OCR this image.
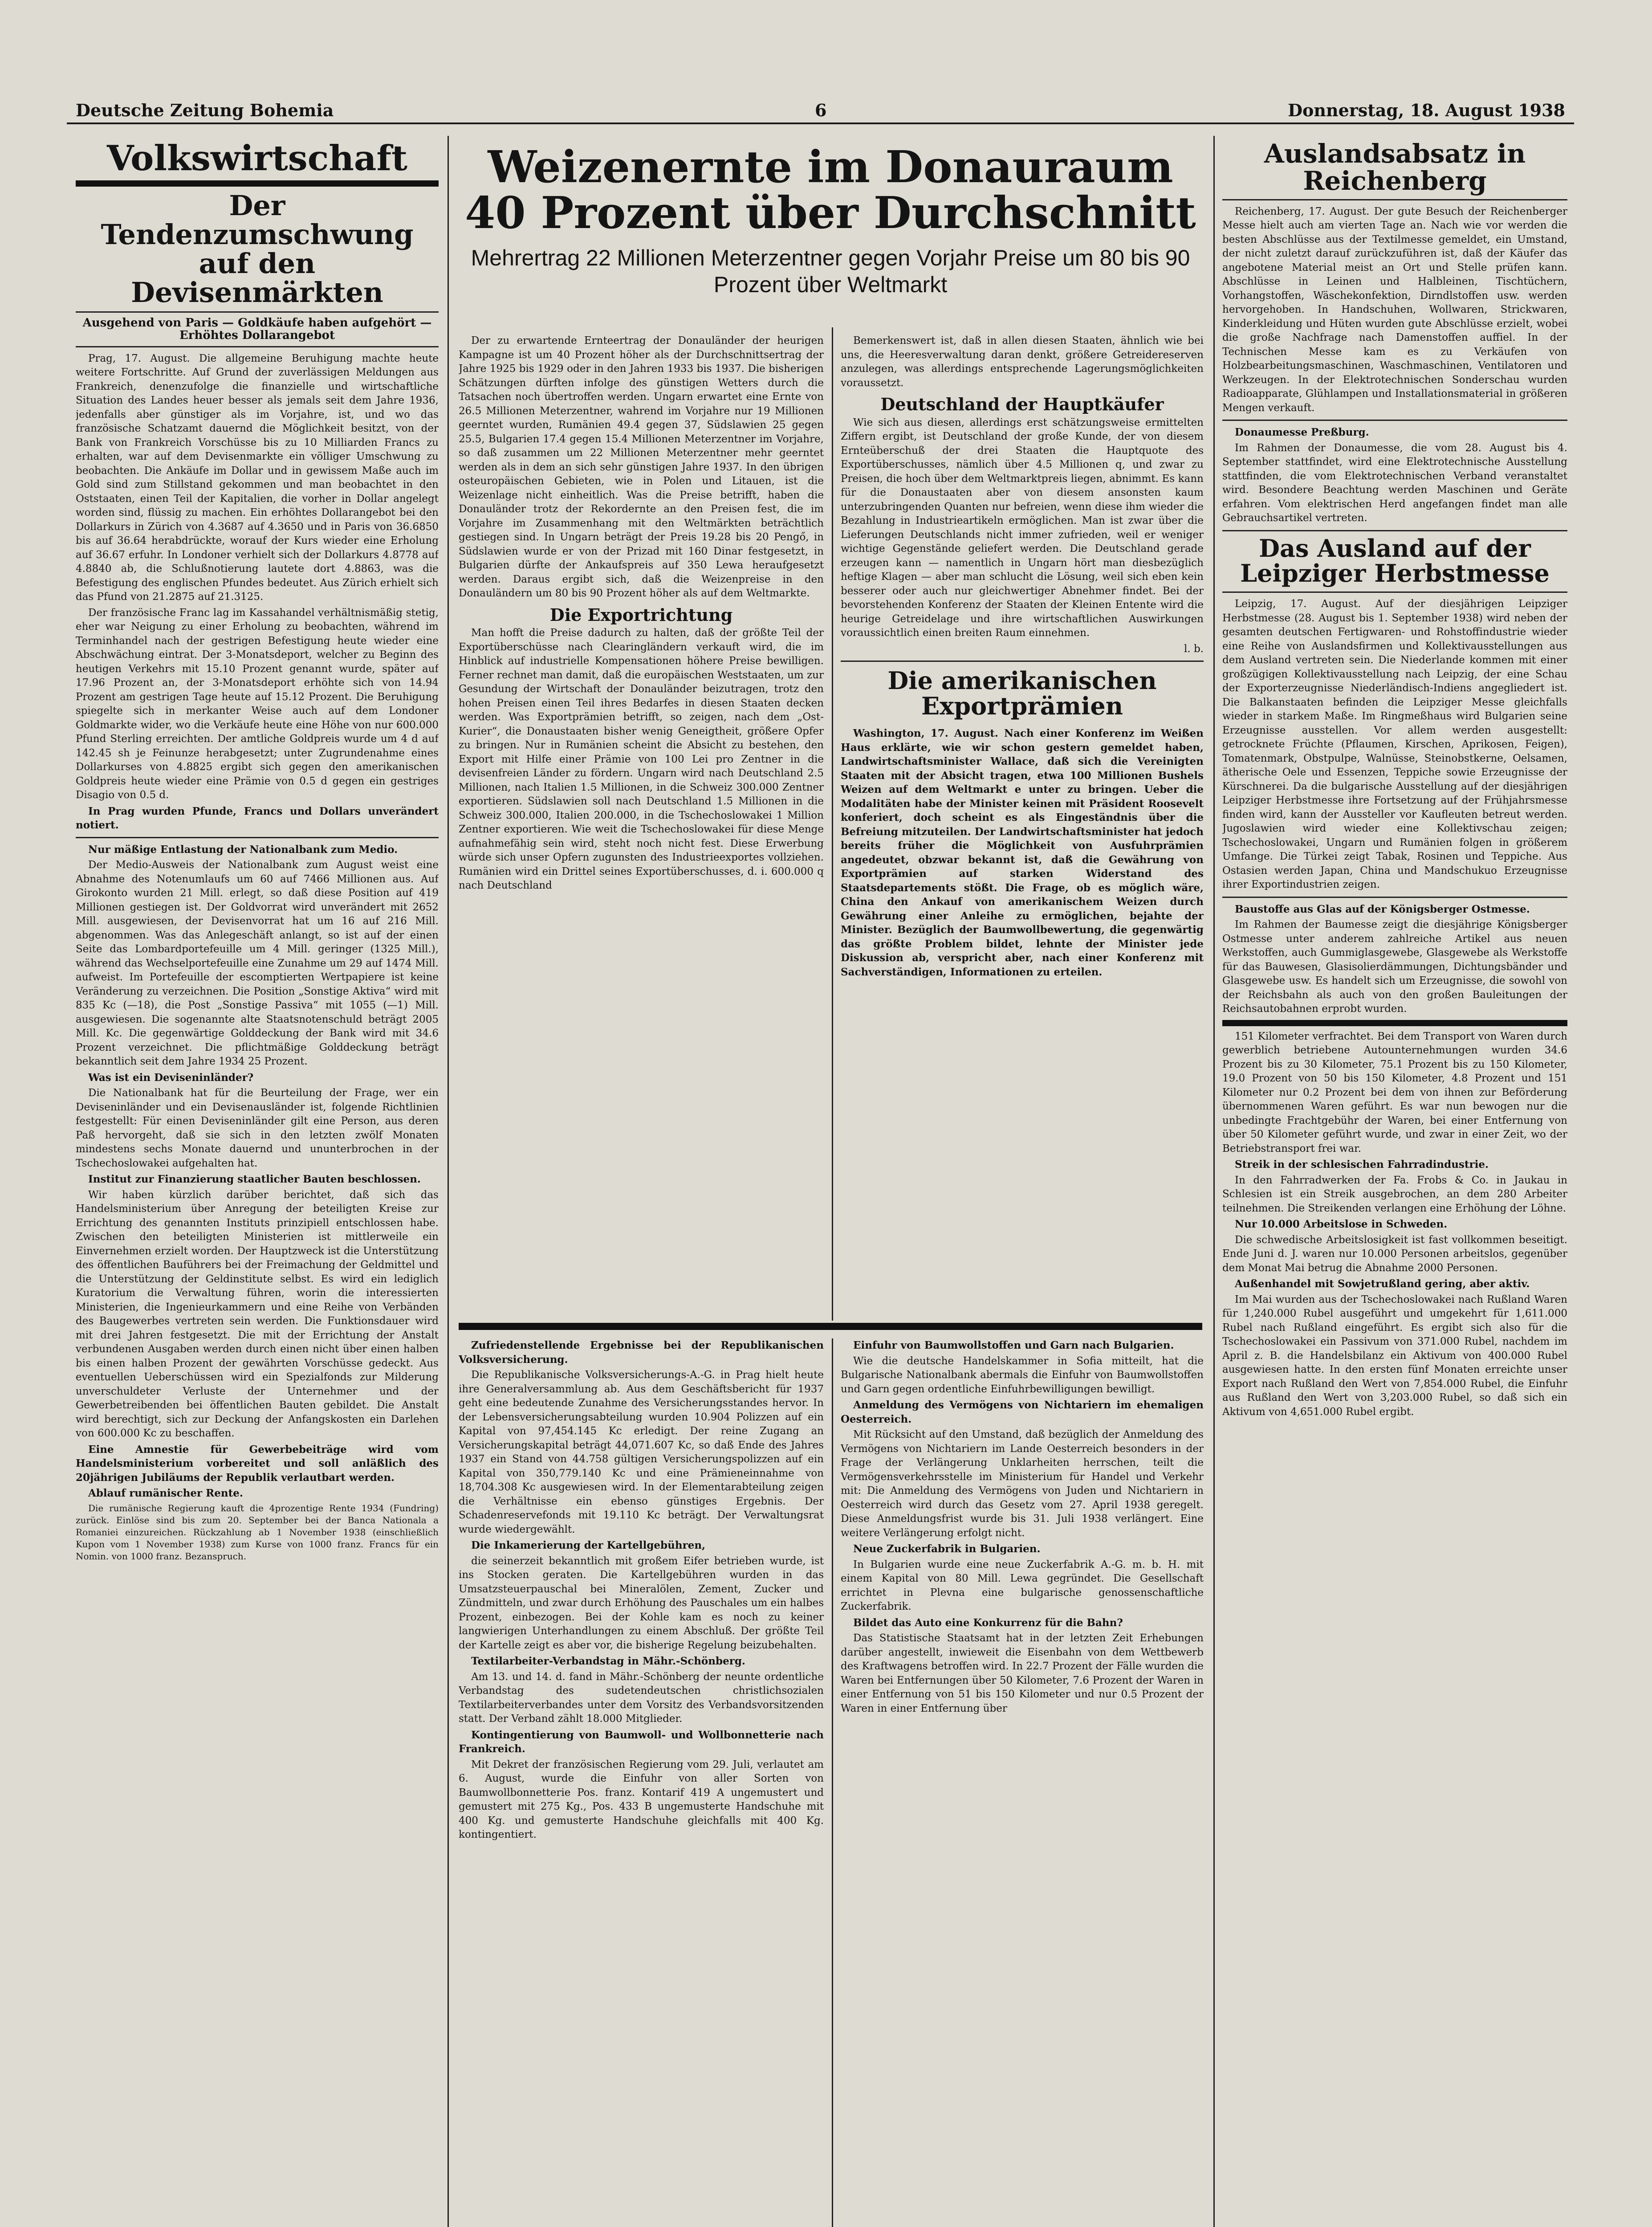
Deutsche Zeitung Bohemia	6	Donnerstag, 18. August 1938
Volkswirtschaft
Der Tendenzumschwung auf den Devisenmärkten
Ausgehend von Paris — Goldkäufe haben aufgehört — Erhöhtes Dollarangebot

Prag, 17. August. Die allgemeine Beruhigung machte heute weitere Fortschritte. Auf Grund der zuverlässigen Meldungen aus Frankreich, denenzufolge die finanzielle und wirtschaftliche Situation des Landes heuer besser als jemals seit dem Jahre 1936, jedenfalls aber günstiger als im Vorjahre, ist, und wo das französische Schatzamt dauernd die Möglichkeit besitzt, von der Bank von Frankreich Vorschüsse bis zu 10 Milliarden Francs zu erhalten, war auf dem Devisenmarkte ein völliger Umschwung zu beobachten. Die Ankäufe im Dollar und in gewissem Maße auch im Gold sind zum Stillstand gekommen und man beobachtet in den Oststaaten, einen Teil der Kapitalien, die vorher in Dollar angelegt worden sind, flüssig zu machen. Ein erhöhtes Dollarangebot bei den Dollarkurs in Zürich von 4.3687 auf 4.3650 und in Paris von 36.6850 bis auf 36.64 herabdrückte, worauf der Kurs wieder eine Erholung auf 36.67 erfuhr. In Londoner verhielt sich der Dollarkurs 4.8778 auf 4.8840 ab, die Schlußnotierung lautete dort 4.8863, was die Befestigung des englischen Pfundes bedeutet. Aus Zürich erhielt sich das Pfund von 21.2875 auf 21.3125.

Der französische Franc lag im Kassahandel verhältnismäßig stetig, eher war Neigung zu einer Erholung zu beobachten, während im Terminhandel nach der gestrigen Befestigung heute wieder eine Abschwächung eintrat. Der 3-Monatsdeport, welcher zu Beginn des heutigen Verkehrs mit 15.10 Prozent genannt wurde, später auf 17.96 Prozent an, der 3-Monatsdeport erhöhte sich von 14.94 Prozent am gestrigen Tage heute auf 15.12 Prozent. Die Beruhigung spiegelte sich in merkanter Weise auch auf dem Londoner Goldmarkte wider, wo die Verkäufe heute eine Höhe von nur 600.000 Pfund Sterling erreichten. Der amtliche Goldpreis wurde um 4 d auf 142.45 sh je Feinunze herabgesetzt; unter Zugrundenahme eines Dollarkurses von 4.8825 ergibt sich gegen den amerikanischen Goldpreis heute wieder eine Prämie von 0.5 d gegen ein gestriges Disagio von 0.5 d.

In Prag wurden Pfunde, Francs und Dollars unverändert notiert.

Nur mäßige Entlastung der Nationalbank zum Medio.

Der Medio-Ausweis der Nationalbank zum August weist eine Abnahme des Notenumlaufs um 60 auf 7466 Millionen aus. Auf Girokonto wurden 21 Mill. erlegt, so daß diese Position auf 419 Millionen gestiegen ist. Der Goldvorrat wird unverändert mit 2652 Mill. ausgewiesen, der Devisenvorrat hat um 16 auf 216 Mill. abgenommen. Was das Anlegeschäft anlangt, so ist auf der einen Seite das Lombardportefeuille um 4 Mill. geringer (1325 Mill.), während das Wechselportefeuille eine Zunahme um 29 auf 1474 Mill. aufweist. Im Portefeuille der escomptierten Wertpapiere ist keine Veränderung zu verzeichnen. Die Position „Sonstige Aktiva“ wird mit 835 Kc (—18), die Post „Sonstige Passiva“ mit 1055 (—1) Mill. ausgewiesen. Die sogenannte alte Staatsnotenschuld beträgt 2005 Mill. Kc. Die gegenwärtige Golddeckung der Bank wird mit 34.6 Prozent verzeichnet. Die pflichtmäßige Golddeckung beträgt bekanntlich seit dem Jahre 1934 25 Prozent.

Was ist ein Deviseninländer?

Die Nationalbank hat für die Beurteilung der Frage, wer ein Deviseninländer und ein Devisenausländer ist, folgende Richtlinien festgestellt: Für einen Deviseninländer gilt eine Person, aus deren Paß hervorgeht, daß sie sich in den letzten zwölf Monaten mindestens sechs Monate dauernd und ununterbrochen in der Tschechoslowakei aufgehalten hat.

Institut zur Finanzierung staatlicher Bauten beschlossen.

Wir haben kürzlich darüber berichtet, daß sich das Handelsministerium über Anregung der beteiligten Kreise zur Errichtung des genannten Instituts prinzipiell entschlossen habe. Zwischen den beteiligten Ministerien ist mittlerweile ein Einvernehmen erzielt worden. Der Hauptzweck ist die Unterstützung des öffentlichen Bauführers bei der Freimachung der Geldmittel und die Unterstützung der Geldinstitute selbst. Es wird ein lediglich Kuratorium die Verwaltung führen, worin die interessierten Ministerien, die Ingenieurkammern und eine Reihe von Verbänden des Baugewerbes vertreten sein werden. Die Funktionsdauer wird mit drei Jahren festgesetzt. Die mit der Errichtung der Anstalt verbundenen Ausgaben werden durch einen nicht über einen halben bis einen halben Prozent der gewährten Vorschüsse gedeckt. Aus eventuellen Ueberschüssen wird ein Spezialfonds zur Milderung unverschuldeter Verluste der Unternehmer und der Gewerbetreibenden bei öffentlichen Bauten gebildet. Die Anstalt wird berechtigt, sich zur Deckung der Anfangskosten ein Darlehen von 600.000 Kc zu beschaffen.

Eine Amnestie für Gewerbebeiträge wird vom Handelsministerium vorbereitet und soll anläßlich des 20jährigen Jubiläums der Republik verlautbart werden.

Ablauf rumänischer Rente.

Die rumänische Regierung kauft die 4prozentige Rente 1934 (Fundring) zurück. Einlöse sind bis zum 20. September bei der Banca Nationala a Romaniei einzureichen. Rückzahlung ab 1 November 1938 (einschließlich Kupon vom 1 November 1938) zum Kurse von 1000 franz. Francs für ein Nomin. von 1000 franz. Bezanspruch.

Weizenernte im Donauraum 40 Prozent über Durchschnitt
Mehrertrag 22 Millionen Meterzentner gegen Vorjahr Preise um 80 bis 90 Prozent über Weltmarkt

Der zu erwartende Ernteertrag der Donauländer der heurigen Kampagne ist um 40 Prozent höher als der Durchschnittsertrag der Jahre 1925 bis 1929 oder in den Jahren 1933 bis 1937. Die bisherigen Schätzungen dürften infolge des günstigen Wetters durch die Tatsachen noch übertroffen werden. Ungarn erwartet eine Ernte von 26.5 Millionen Meterzentner, wahrend im Vorjahre nur 19 Millionen geerntet wurden, Rumänien 49.4 gegen 37, Südslawien 25 gegen 25.5, Bulgarien 17.4 gegen 15.4 Millionen Meterzentner im Vorjahre, so daß zusammen um 22 Millionen Meterzentner mehr geerntet werden als in dem an sich sehr günstigen Jahre 1937. In den übrigen osteuropäischen Gebieten, wie in Polen und Litauen, ist die Weizenlage nicht einheitlich. Was die Preise betrifft, haben die Donauländer trotz der Rekordernte an den Preisen fest, die im Vorjahre im Zusammenhang mit den Weltmärkten beträchtlich gestiegen sind. In Ungarn beträgt der Preis 19.28 bis 20 Pengő, in Südslawien wurde er von der Prizad mit 160 Dinar festgesetzt, in Bulgarien dürfte der Ankaufspreis auf 350 Lewa heraufgesetzt werden. Daraus ergibt sich, daß die Weizenpreise in den Donauländern um 80 bis 90 Prozent höher als auf dem Weltmarkte.

Die Exportrichtung

Man hofft die Preise dadurch zu halten, daß der größte Teil der Exportüberschüsse nach Clearingländern verkauft wird, die im Hinblick auf industrielle Kompensationen höhere Preise bewilligen. Ferner rechnet man damit, daß die europäischen Weststaaten, um zur Gesundung der Wirtschaft der Donauländer beizutragen, trotz den hohen Preisen einen Teil ihres Bedarfes in diesen Staaten decken werden. Was Exportprämien betrifft, so zeigen, nach dem „Ost-Kurier“, die Donaustaaten bisher wenig Geneigtheit, größere Opfer zu bringen. Nur in Rumänien scheint die Absicht zu bestehen, den Export mit Hilfe einer Prämie von 100 Lei pro Zentner in die devisenfreien Länder zu fördern. Ungarn wird nach Deutschland 2.5 Millionen, nach Italien 1.5 Millionen, in die Schweiz 300.000 Zentner exportieren. Südslawien soll nach Deutschland 1.5 Millionen in die Schweiz 300.000, Italien 200.000, in die Tschechoslowakei 1 Million Zentner exportieren. Wie weit die Tschechoslowakei für diese Menge aufnahmefähig sein wird, steht noch nicht fest. Diese Erwerbung würde sich unser Opfern zugunsten des Industrieexportes vollziehen. Rumänien wird ein Drittel seines Exportüberschusses, d. i. 600.000 q nach Deutschland

Bemerkenswert ist, daß in allen diesen Staaten, ähnlich wie bei uns, die Heeresverwaltung daran denkt, größere Getreidereserven anzulegen, was allerdings entsprechende Lagerungsmöglichkeiten voraussetzt.

Deutschland der Hauptkäufer

Wie sich aus diesen, allerdings erst schätzungsweise ermittelten Ziffern ergibt, ist Deutschland der große Kunde, der von diesem Ernteüberschuß der drei Staaten die Hauptquote des Exportüberschusses, nämlich über 4.5 Millionen q, und zwar zu Preisen, die hoch über dem Weltmarktpreis liegen, abnimmt. Es kann für die Donaustaaten aber von diesem ansonsten kaum unterzubringenden Quanten nur befreien, wenn diese ihm wieder die Bezahlung in Industrieartikeln ermöglichen. Man ist zwar über die Lieferungen Deutschlands nicht immer zufrieden, weil er weniger wichtige Gegenstände geliefert werden. Die Deutschland gerade erzeugen kann — namentlich in Ungarn hört man diesbezüglich heftige Klagen — aber man schlucht die Lösung, weil sich eben kein besserer oder auch nur gleichwertiger Abnehmer findet. Bei der bevorstehenden Konferenz der Staaten der Kleinen Entente wird die heurige Getreidelage und ihre wirtschaftlichen Auswirkungen voraussichtlich einen breiten Raum einnehmen.

l. b.

Die amerikanischen Exportprämien

Washington, 17. August. Nach einer Konferenz im Weißen Haus erklärte, wie wir schon gestern gemeldet haben, Landwirtschaftsminister Wallace, daß sich die Vereinigten Staaten mit der Absicht tragen, etwa 100 Millionen Bushels Weizen auf dem Weltmarkt e unter zu bringen. Ueber die Modalitäten habe der Minister keinen mit Präsident Roosevelt konferiert, doch scheint es als Eingeständnis über die Befreiung mitzuteilen. Der Landwirtschaftsminister hat jedoch bereits früher die Möglichkeit von Ausfuhrprämien angedeutet, obzwar bekannt ist, daß die Gewährung von Exportprämien auf starken Widerstand des Staatsdepartements stößt. Die Frage, ob es möglich wäre, China den Ankauf von amerikanischem Weizen durch Gewährung einer Anleihe zu ermöglichen, bejahte der Minister. Bezüglich der Baumwollbewertung, die gegenwärtig das größte Problem bildet, lehnte der Minister jede Diskussion ab, verspricht aber, nach einer Konferenz mit Sachverständigen, Informationen zu erteilen.

Zufriedenstellende Ergebnisse bei der Republikanischen Volksversicherung.

Die Republikanische Volksversicherungs-A.-G. in Prag hielt heute ihre Generalversammlung ab. Aus dem Geschäftsbericht für 1937 geht eine bedeutende Zunahme des Versicherungsstandes hervor. In der Lebensversicherungsabteilung wurden 10.904 Polizzen auf ein Kapital von 97,454.145 Kc erledigt. Der reine Zugang an Versicherungskapital beträgt 44,071.607 Kc, so daß Ende des Jahres 1937 ein Stand von 44.758 gültigen Versicherungspolizzen auf ein Kapital von 350,779.140 Kc und eine Prämieneinnahme von 18,704.308 Kc ausgewiesen wird. In der Elementarabteilung zeigen die Verhältnisse ein ebenso günstiges Ergebnis. Der Schadenreservefonds mit 19.110 Kc beträgt. Der Verwaltungsrat wurde wiedergewählt.

Die Inkamerierung der Kartellgebühren,

die seinerzeit bekanntlich mit großem Eifer betrieben wurde, ist ins Stocken geraten. Die Kartellgebühren wurden in das Umsatzsteuerpauschal bei Mineralölen, Zement, Zucker und Zündmitteln, und zwar durch Erhöhung des Pauschales um ein halbes Prozent, einbezogen. Bei der Kohle kam es noch zu keiner langwierigen Unterhandlungen zu einem Abschluß. Der größte Teil der Kartelle zeigt es aber vor, die bisherige Regelung beizubehalten.

Textilarbeiter-Verbandstag in Mähr.-Schönberg.

Am 13. und 14. d. fand in Mähr.-Schönberg der neunte ordentliche Verbandstag des sudetendeutschen christlichsozialen Textilarbeiterverbandes unter dem Vorsitz des Verbandsvorsitzenden statt. Der Verband zählt 18.000 Mitglieder.

Kontingentierung von Baumwoll- und Wollbonnetterie nach Frankreich.

Mit Dekret der französischen Regierung vom 29. Juli, verlautet am 6. August, wurde die Einfuhr von aller Sorten von Baumwollbonnetterie Pos. franz. Kontarif 419 A ungemustert und gemustert mit 275 Kg., Pos. 433 B ungemusterte Handschuhe mit 400 Kg. und gemusterte Handschuhe gleichfalls mit 400 Kg. kontingentiert.

Einfuhr von Baumwollstoffen und Garn nach Bulgarien.

Wie die deutsche Handelskammer in Sofia mitteilt, hat die Bulgarische Nationalbank abermals die Einfuhr von Baumwollstoffen und Garn gegen ordentliche Einfuhrbewilligungen bewilligt.

Anmeldung des Vermögens von Nichtariern im ehemaligen Oesterreich.

Mit Rücksicht auf den Umstand, daß bezüglich der Anmeldung des Vermögens von Nichtariern im Lande Oesterreich besonders in der Frage der Verlängerung Unklarheiten herrschen, teilt die Vermögensverkehrsstelle im Ministerium für Handel und Verkehr mit: Die Anmeldung des Vermögens von Juden und Nichtariern in Oesterreich wird durch das Gesetz vom 27. April 1938 geregelt. Diese Anmeldungsfrist wurde bis 31. Juli 1938 verlängert. Eine weitere Verlängerung erfolgt nicht.

Neue Zuckerfabrik in Bulgarien.

In Bulgarien wurde eine neue Zuckerfabrik A.-G. m. b. H. mit einem Kapital von 80 Mill. Lewa gegründet. Die Gesellschaft errichtet in Plevna eine bulgarische genossenschaftliche Zuckerfabrik.

Bildet das Auto eine Konkurrenz für die Bahn?

Das Statistische Staatsamt hat in der letzten Zeit Erhebungen darüber angestellt, inwieweit die Eisenbahn von dem Wettbewerb des Kraftwagens betroffen wird. In 22.7 Prozent der Fälle wurden die Waren bei Entfernungen über 50 Kilometer, 7.6 Prozent der Waren in einer Entfernung von 51 bis 150 Kilometer und nur 0.5 Prozent der Waren in einer Entfernung über

Auslandsabsatz in Reichenberg

Reichenberg, 17. August. Der gute Besuch der Reichenberger Messe hielt auch am vierten Tage an. Nach wie vor werden die besten Abschlüsse aus der Textilmesse gemeldet, ein Umstand, der nicht zuletzt darauf zurückzuführen ist, daß der Käufer das angebotene Material meist an Ort und Stelle prüfen kann. Abschlüsse in Leinen und Halbleinen, Tischtüchern, Vorhangstoffen, Wäschekonfektion, Dirndlstoffen usw. werden hervorgehoben. In Handschuhen, Wollwaren, Strickwaren, Kinderkleidung und Hüten wurden gute Abschlüsse erzielt, wobei die große Nachfrage nach Damenstoffen auffiel. In der Technischen Messe kam es zu Verkäufen von Holzbearbeitungsmaschinen, Waschmaschinen, Ventilatoren und Werkzeugen. In der Elektrotechnischen Sonderschau wurden Radioapparate, Glühlampen und Installationsmaterial in größeren Mengen verkauft.

Donaumesse Preßburg.

Im Rahmen der Donaumesse, die vom 28. August bis 4. September stattfindet, wird eine Elektrotechnische Ausstellung stattfinden, die vom Elektrotechnischen Verband veranstaltet wird. Besondere Beachtung werden Maschinen und Geräte erfahren. Vom elektrischen Herd angefangen findet man alle Gebrauchsartikel vertreten.

Das Ausland auf der Leipziger Herbstmesse

Leipzig, 17. August. Auf der diesjährigen Leipziger Herbstmesse (28. August bis 1. September 1938) wird neben der gesamten deutschen Fertigwaren- und Rohstoffindustrie wieder eine Reihe von Auslandsfirmen und Kollektivausstellungen aus dem Ausland vertreten sein. Die Niederlande kommen mit einer großzügigen Kollektivausstellung nach Leipzig, der eine Schau der Exporterzeugnisse Niederländisch-Indiens angegliedert ist. Die Balkanstaaten befinden die Leipziger Messe gleichfalls wieder in starkem Maße. Im Ringmeßhaus wird Bulgarien seine Erzeugnisse ausstellen. Vor allem werden ausgestellt: getrocknete Früchte (Pflaumen, Kirschen, Aprikosen, Feigen), Tomatenmark, Obstpulpe, Walnüsse, Steinobstkerne, Oelsamen, ätherische Oele und Essenzen, Teppiche sowie Erzeugnisse der Kürschnerei. Da die bulgarische Ausstellung auf der diesjährigen Leipziger Herbstmesse ihre Fortsetzung auf der Frühjahrsmesse finden wird, kann der Aussteller vor Kaufleuten betreut werden. Jugoslawien wird wieder eine Kollektivschau zeigen; Tschechoslowakei, Ungarn und Rumänien folgen in größerem Umfange. Die Türkei zeigt Tabak, Rosinen und Teppiche. Aus Ostasien werden Japan, China und Mandschukuo Erzeugnisse ihrer Exportindustrien zeigen.

Baustoffe aus Glas auf der Königsberger Ostmesse.

Im Rahmen der Baumesse zeigt die diesjährige Königsberger Ostmesse unter anderem zahlreiche Artikel aus neuen Werkstoffen, auch Gummiglasgewebe, Glasgewebe als Werkstoffe für das Bauwesen, Glasisolierdämmungen, Dichtungsbänder und Glasgewebe usw. Es handelt sich um Erzeugnisse, die sowohl von der Reichsbahn als auch von den großen Bauleitungen der Reichsautobahnen erprobt wurden.

151 Kilometer verfrachtet. Bei dem Transport von Waren durch gewerblich betriebene Autounternehmungen wurden 34.6 Prozent bis zu 30 Kilometer, 75.1 Prozent bis zu 150 Kilometer, 19.0 Prozent von 50 bis 150 Kilometer, 4.8 Prozent und 151 Kilometer nur 0.2 Prozent bei dem von ihnen zur Beförderung übernommenen Waren geführt. Es war nun bewogen nur die unbedingte Frachtgebühr der Waren, bei einer Entfernung von über 50 Kilometer geführt wurde, und zwar in einer Zeit, wo der Betriebstransport frei war.

Streik in der schlesischen Fahrradindustrie.

In den Fahrradwerken der Fa. Frobs & Co. in Jaukau in Schlesien ist ein Streik ausgebrochen, an dem 280 Arbeiter teilnehmen. Die Streikenden verlangen eine Erhöhung der Löhne.

Nur 10.000 Arbeitslose in Schweden.

Die schwedische Arbeitslosigkeit ist fast vollkommen beseitigt. Ende Juni d. J. waren nur 10.000 Personen arbeitslos, gegenüber dem Monat Mai betrug die Abnahme 2000 Personen.

Außenhandel mit Sowjetrußland gering, aber aktiv.

Im Mai wurden aus der Tschechoslowakei nach Rußland Waren für 1,240.000 Rubel ausgeführt und umgekehrt für 1,611.000 Rubel nach Rußland eingeführt. Es ergibt sich also für die Tschechoslowakei ein Passivum von 371.000 Rubel, nachdem im April z. B. die Handelsbilanz ein Aktivum von 400.000 Rubel ausgewiesen hatte. In den ersten fünf Monaten erreichte unser Export nach Rußland den Wert von 7,854.000 Rubel, die Einfuhr aus Rußland den Wert von 3,203.000 Rubel, so daß sich ein Aktivum von 4,651.000 Rubel ergibt.
